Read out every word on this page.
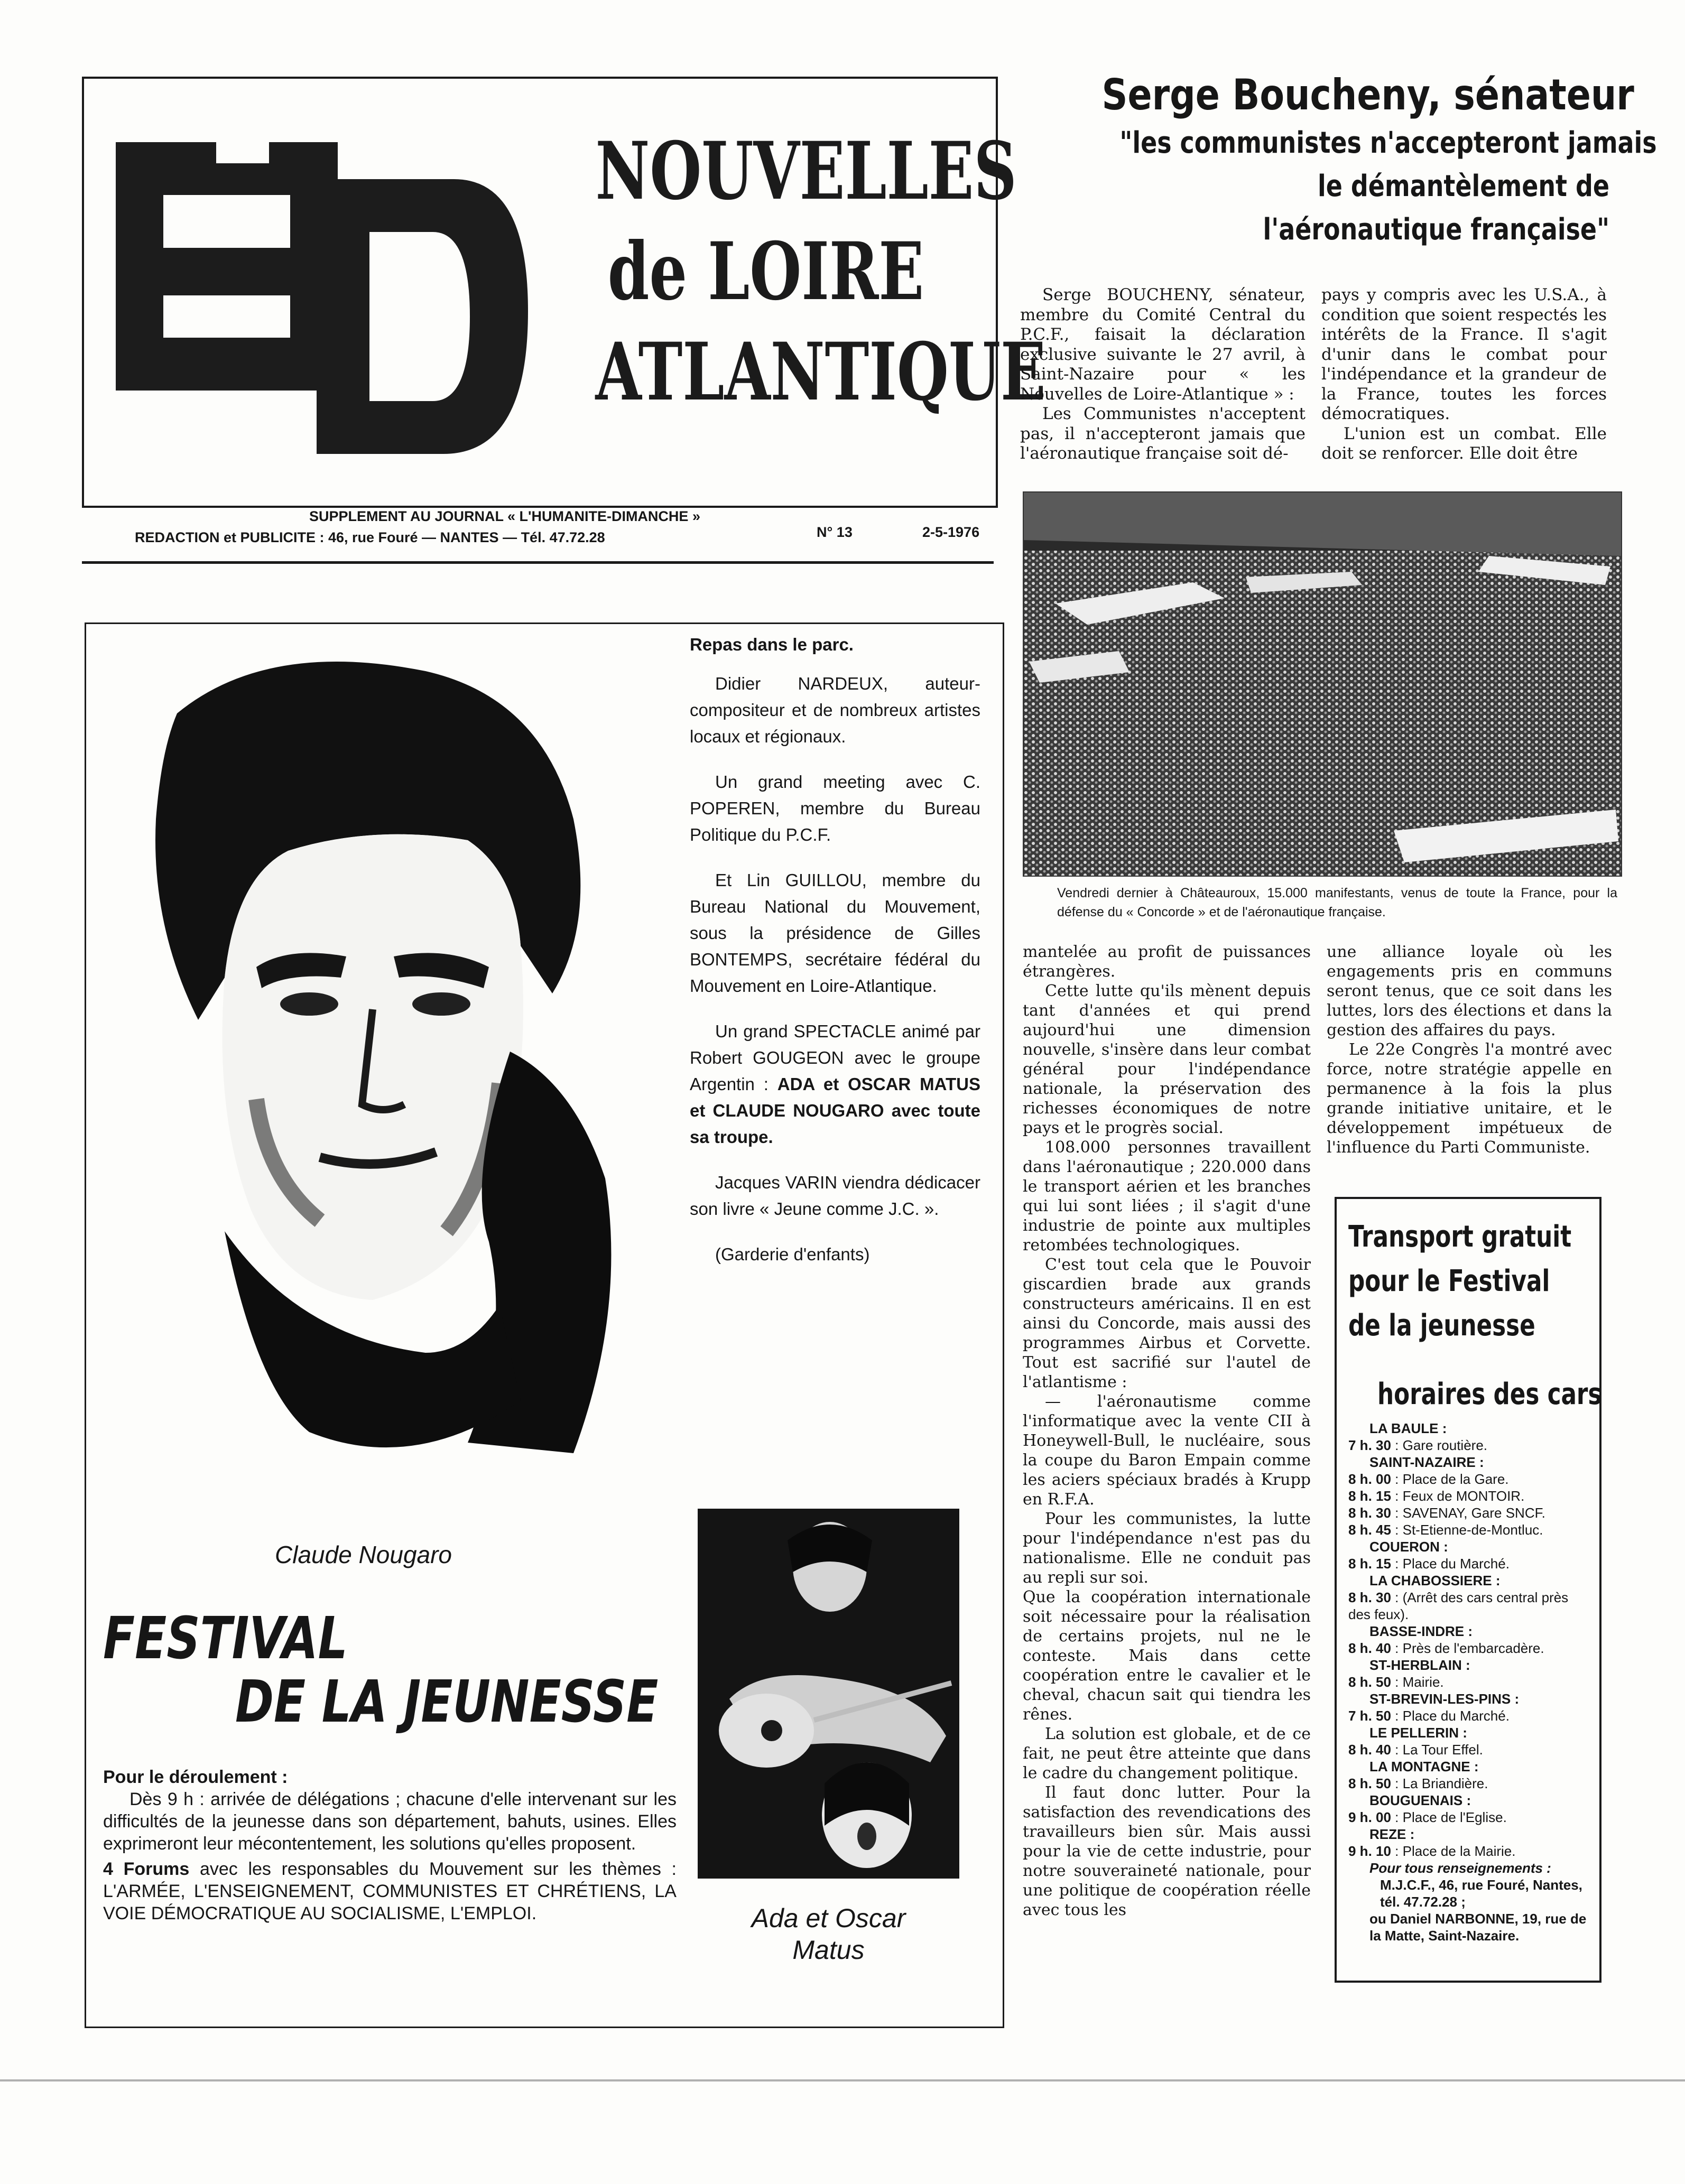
NOUVELLES
de LOIRE
ATLANTIQUE
SUPPLEMENT AU JOURNAL « L'HUMANITE-DIMANCHE »
REDACTION et PUBLICITE : 46, rue Fouré — NANTES — Tél. 47.72.28	N° 13	2-5-1976
Serge Boucheny, sénateur
"les communistes n'accepteront jamais
le démantèlement de
l'aéronautique française"

Serge BOUCHENY, sénateur, membre du Comité Central du P.C.F., faisait la déclaration exclusive suivante le 27 avril, à Saint-Nazaire pour « les Nouvelles de Loire-Atlantique » :

Les Communistes n'acceptent pas, il n'accepteront jamais que l'aéronautique française soit dé-

pays y compris avec les U.S.A., à condition que soient respectés les intérêts de la France. Il s'agit d'unir dans le combat pour l'indépendance et la grandeur de la France, toutes les forces démocratiques.

L'union est un combat. Elle doit se renforcer. Elle doit être

Vendredi dernier à Châteauroux, 15.000 manifestants, venus de toute la France, pour la défense du « Concorde » et de l'aéronautique française.

mantelée au profit de puissances étrangères.

Cette lutte qu'ils mènent depuis tant d'années et qui prend aujourd'hui une dimension nouvelle, s'insère dans leur combat général pour l'indépendance nationale, la préservation des richesses économiques de notre pays et le progrès social.

108.000 personnes travaillent dans l'aéronautique ; 220.000 dans le transport aérien et les branches qui lui sont liées ; il s'agit d'une industrie de pointe aux multiples retombées technologiques.

C'est tout cela que le Pouvoir giscardien brade aux grands constructeurs américains. Il en est ainsi du Concorde, mais aussi des programmes Airbus et Corvette. Tout est sacrifié sur l'autel de l'atlantisme :

— l'aéronautisme comme l'informatique avec la vente CII à Honeywell-Bull, le nucléaire, sous la coupe du Baron Empain comme les aciers spéciaux bradés à Krupp en R.F.A.

Pour les communistes, la lutte pour l'indépendance n'est pas du nationalisme. Elle ne conduit pas au repli sur soi.

Que la coopération internationale soit nécessaire pour la réalisation de certains projets, nul ne le conteste. Mais dans cette coopération entre le cavalier et le cheval, chacun sait qui tiendra les rênes.

La solution est globale, et de ce fait, ne peut être atteinte que dans le cadre du changement politique.

Il faut donc lutter. Pour la satisfaction des revendications des travailleurs bien sûr. Mais aussi pour la vie de cette industrie, pour notre souveraineté nationale, pour une politique de coopération réelle avec tous les

une alliance loyale où les engagements pris en communs seront tenus, que ce soit dans les luttes, lors des élections et dans la gestion des affaires du pays.

Le 22e Congrès l'a montré avec force, notre stratégie appelle en permanence à la fois la plus grande initiative unitaire, et le développement impétueux de l'influence du Parti Communiste.

Transport gratuit
pour le Festival
de la jeunesse
horaires des cars
LA BAULE :
7 h. 30 : Gare routière.
SAINT-NAZAIRE :
8 h. 00 : Place de la Gare.
8 h. 15 : Feux de MONTOIR.
8 h. 30 : SAVENAY, Gare SNCF.
8 h. 45 : St-Etienne-de-Montluc.
COUERON :
8 h. 15 : Place du Marché.
LA CHABOSSIERE :
8 h. 30 : (Arrêt des cars central près des feux).
BASSE-INDRE :
8 h. 40 : Près de l'embarcadère.
ST-HERBLAIN :
8 h. 50 : Mairie.
ST-BREVIN-LES-PINS :
7 h. 50 : Place du Marché.
LE PELLERIN :
8 h. 40 : La Tour Effel.
LA MONTAGNE :
8 h. 50 : La Briandière.
BOUGUENAIS :
9 h. 00 : Place de l'Eglise.
REZE :
9 h. 10 : Place de la Mairie.
Pour tous renseignements :
M.J.C.F., 46, rue Fouré, Nantes, tél. 47.72.28 ;
ou Daniel NARBONNE, 19, rue de la Matte, Saint-Nazaire.
Claude Nougaro
FESTIVAL
DE LA JEUNESSE
Pour le déroulement :

Dès 9 h : arrivée de délégations ; chacune d'elle intervenant sur les difficultés de la jeunesse dans son département, bahuts, usines. Elles exprimeront leur mécontentement, les solutions qu'elles proposent.

4 Forums avec les responsables du Mouvement sur les thèmes : L'ARMÉE, L'ENSEIGNEMENT, COMMUNISTES ET CHRÉTIENS, LA VOIE DÉMOCRATIQUE AU SOCIALISME, L'EMPLOI.

Repas dans le parc.

Didier NARDEUX, auteur-compositeur et de nombreux artistes locaux et régionaux.

Un grand meeting avec C. POPEREN, membre du Bureau Politique du P.C.F.

Et Lin GUILLOU, membre du Bureau National du Mouvement, sous la présidence de Gilles BONTEMPS, secrétaire fédéral du Mouvement en Loire-Atlantique.

Un grand SPECTACLE animé par Robert GOUGEON avec le groupe Argentin : ADA et OSCAR MATUS et CLAUDE NOUGARO avec toute sa troupe.

Jacques VARIN viendra dédicacer son livre « Jeune comme J.C. ».

(Garderie d'enfants)

Ada et Oscar
Matus
